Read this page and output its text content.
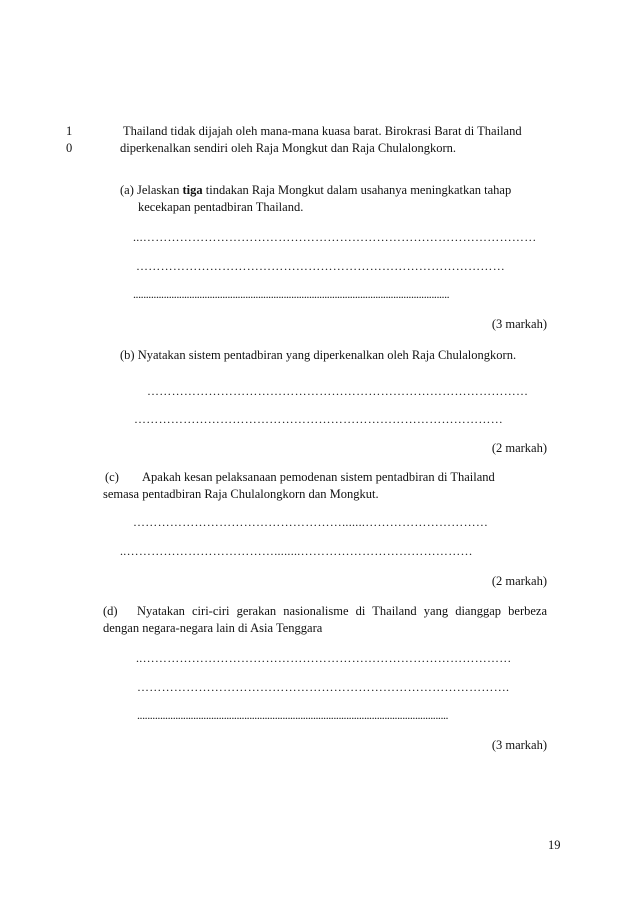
1
0
Thailand tidak dijajah oleh mana-mana kuasa barat. Birokrasi Barat di Thailand
diperkenalkan sendiri oleh Raja Mongkut dan Raja Chulalongkorn.
(a) Jelaskan tiga tindakan Raja Mongkut dalam usahanya meningkatkan tahap
kecekapan pentadbiran Thailand.
...……………………………………………………………………………………
………………………………………………………………………………
............................................................................................................................
(3 markah)
(b) Nyatakan sistem pentadbiran yang diperkenalkan oleh Raja Chulalongkorn.
…………………………………………………………………………………
………………………………………………………………………………
(2 markah)
(c) Apakah kesan pelaksanaan pemodenan sistem pentadbiran di Thailand
semasa pentadbiran Raja Chulalongkorn dan Mongkut.
…………………………………………….......…………………………
..………………………………........……………………………………
(2 markah)
(d) Nyatakan ciri-ciri gerakan nasionalisme di Thailand yang dianggap berbeza
dengan negara-negara lain di Asia Tenggara
..………………………………………………………………………………
……………………………………………………………………………….
..........................................................................................................................
(3 markah)
19
